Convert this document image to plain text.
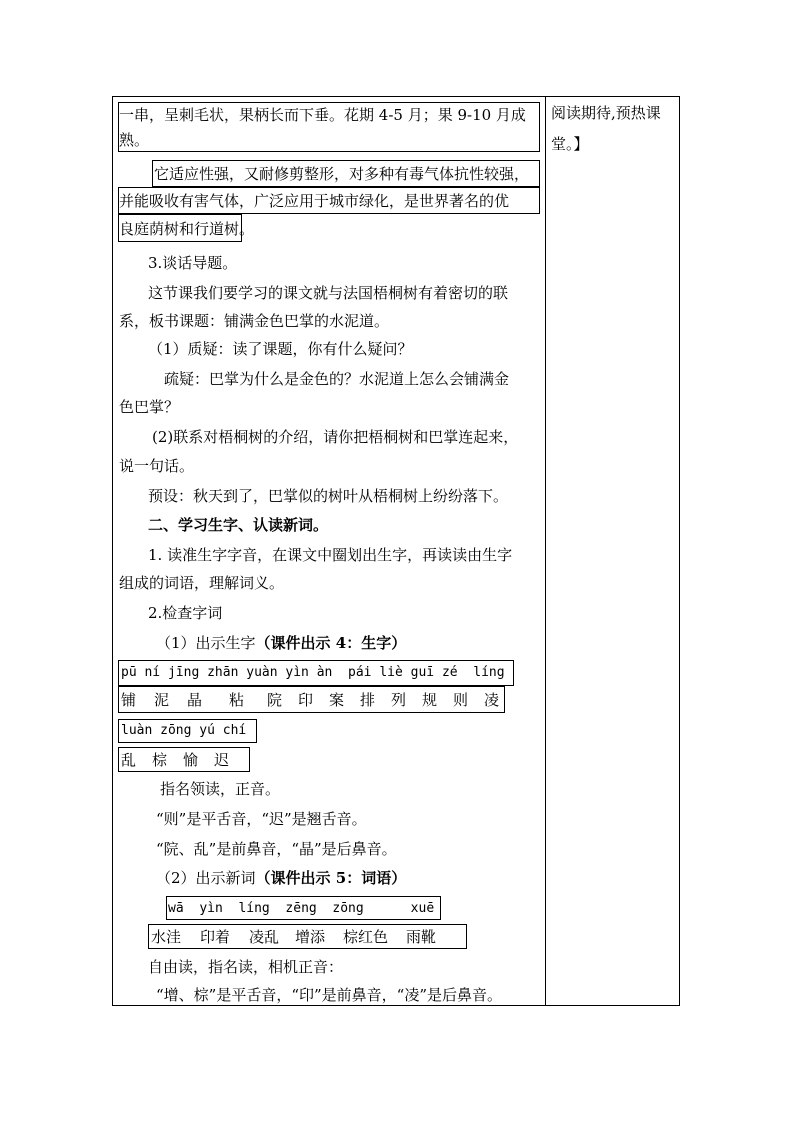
阅读期待,预热课堂。】
一串，呈刺毛状，果柄长而下垂。花期 4-5 月；果 9-10 月成
熟。
它适应性强，又耐修剪整形，对多种有毒气体抗性较强，
并能吸收有害气体，广泛应用于城市绿化，是世界著名的优
良庭荫树和行道树。
3.谈话导题。
这节课我们要学习的课文就与法国梧桐树有着密切的联
系，板书课题：铺满金色巴掌的水泥道。
（1）质疑：读了课题，你有什么疑问？
疏疑：巴掌为什么是金色的？水泥道上怎么会铺满金
色巴掌？
(2)联系对梧桐树的介绍，请你把梧桐树和巴掌连起来，
说一句话。
预设：秋天到了，巴掌似的树叶从梧桐树上纷纷落下。
二、学习生字、认读新词。
1. 读准生字字音，在课文中圈划出生字，再读读由生字
组成的词语，理解词义。
2.检查字词
（1）出示生字（课件出示 4：生字）
pū ní jīng zhān yuàn yìn àn pái liè guī zé líng
铺 泥 晶 粘 院 印 案 排 列 规 则 凌
luàn zōng yú chí
乱 棕 愉 迟
指名领读，正音。
“则”是平舌音，“迟”是翘舌音。
“院、乱”是前鼻音，“晶”是后鼻音。
（2）出示新词（课件出示 5：词语）
wā yìn líng zēng zōng	xuē
水洼 印着 凌乱 增添 棕红色 雨靴
自由读，指名读，相机正音：
“增、棕”是平舌音，“印”是前鼻音，“凌”是后鼻音。
